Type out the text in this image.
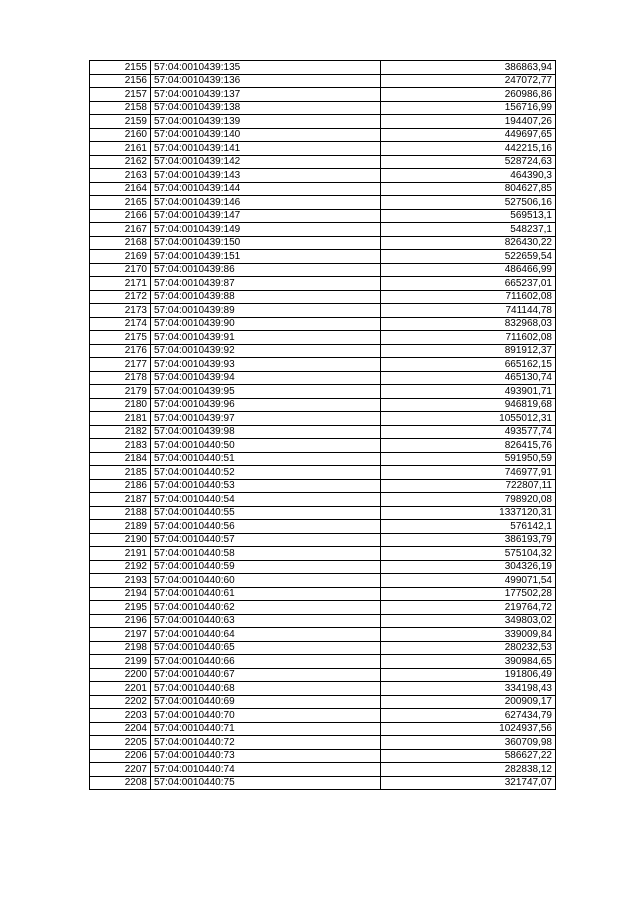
2155	57:04:0010439:135	386863,94
2156	57:04:0010439:136	247072,77
2157	57:04:0010439:137	260986,86
2158	57:04:0010439:138	156716,99
2159	57:04:0010439:139	194407,26
2160	57:04:0010439:140	449697,65
2161	57:04:0010439:141	442215,16
2162	57:04:0010439:142	528724,63
2163	57:04:0010439:143	464390,3
2164	57:04:0010439:144	804627,85
2165	57:04:0010439:146	527506,16
2166	57:04:0010439:147	569513,1
2167	57:04:0010439:149	548237,1
2168	57:04:0010439:150	826430,22
2169	57:04:0010439:151	522659,54
2170	57:04:0010439:86	486466,99
2171	57:04:0010439:87	665237,01
2172	57:04:0010439:88	711602,08
2173	57:04:0010439:89	741144,78
2174	57:04:0010439:90	832968,03
2175	57:04:0010439:91	711602,08
2176	57:04:0010439:92	891912,37
2177	57:04:0010439:93	665162,15
2178	57:04:0010439:94	465130,74
2179	57:04:0010439:95	493901,71
2180	57:04:0010439:96	946819,68
2181	57:04:0010439:97	1055012,31
2182	57:04:0010439:98	493577,74
2183	57:04:0010440:50	826415,76
2184	57:04:0010440:51	591950,59
2185	57:04:0010440:52	746977,91
2186	57:04:0010440:53	722807,11
2187	57:04:0010440:54	798920,08
2188	57:04:0010440:55	1337120,31
2189	57:04:0010440:56	576142,1
2190	57:04:0010440:57	386193,79
2191	57:04:0010440:58	575104,32
2192	57:04:0010440:59	304326,19
2193	57:04:0010440:60	499071,54
2194	57:04:0010440:61	177502,28
2195	57:04:0010440:62	219764,72
2196	57:04:0010440:63	349803,02
2197	57:04:0010440:64	339009,84
2198	57:04:0010440:65	280232,53
2199	57:04:0010440:66	390984,65
2200	57:04:0010440:67	191806,49
2201	57:04:0010440:68	334198,43
2202	57:04:0010440:69	200909,17
2203	57:04:0010440:70	627434,79
2204	57:04:0010440:71	1024937,56
2205	57:04:0010440:72	360709,98
2206	57:04:0010440:73	586627,22
2207	57:04:0010440:74	282838,12
2208	57:04:0010440:75	321747,07
